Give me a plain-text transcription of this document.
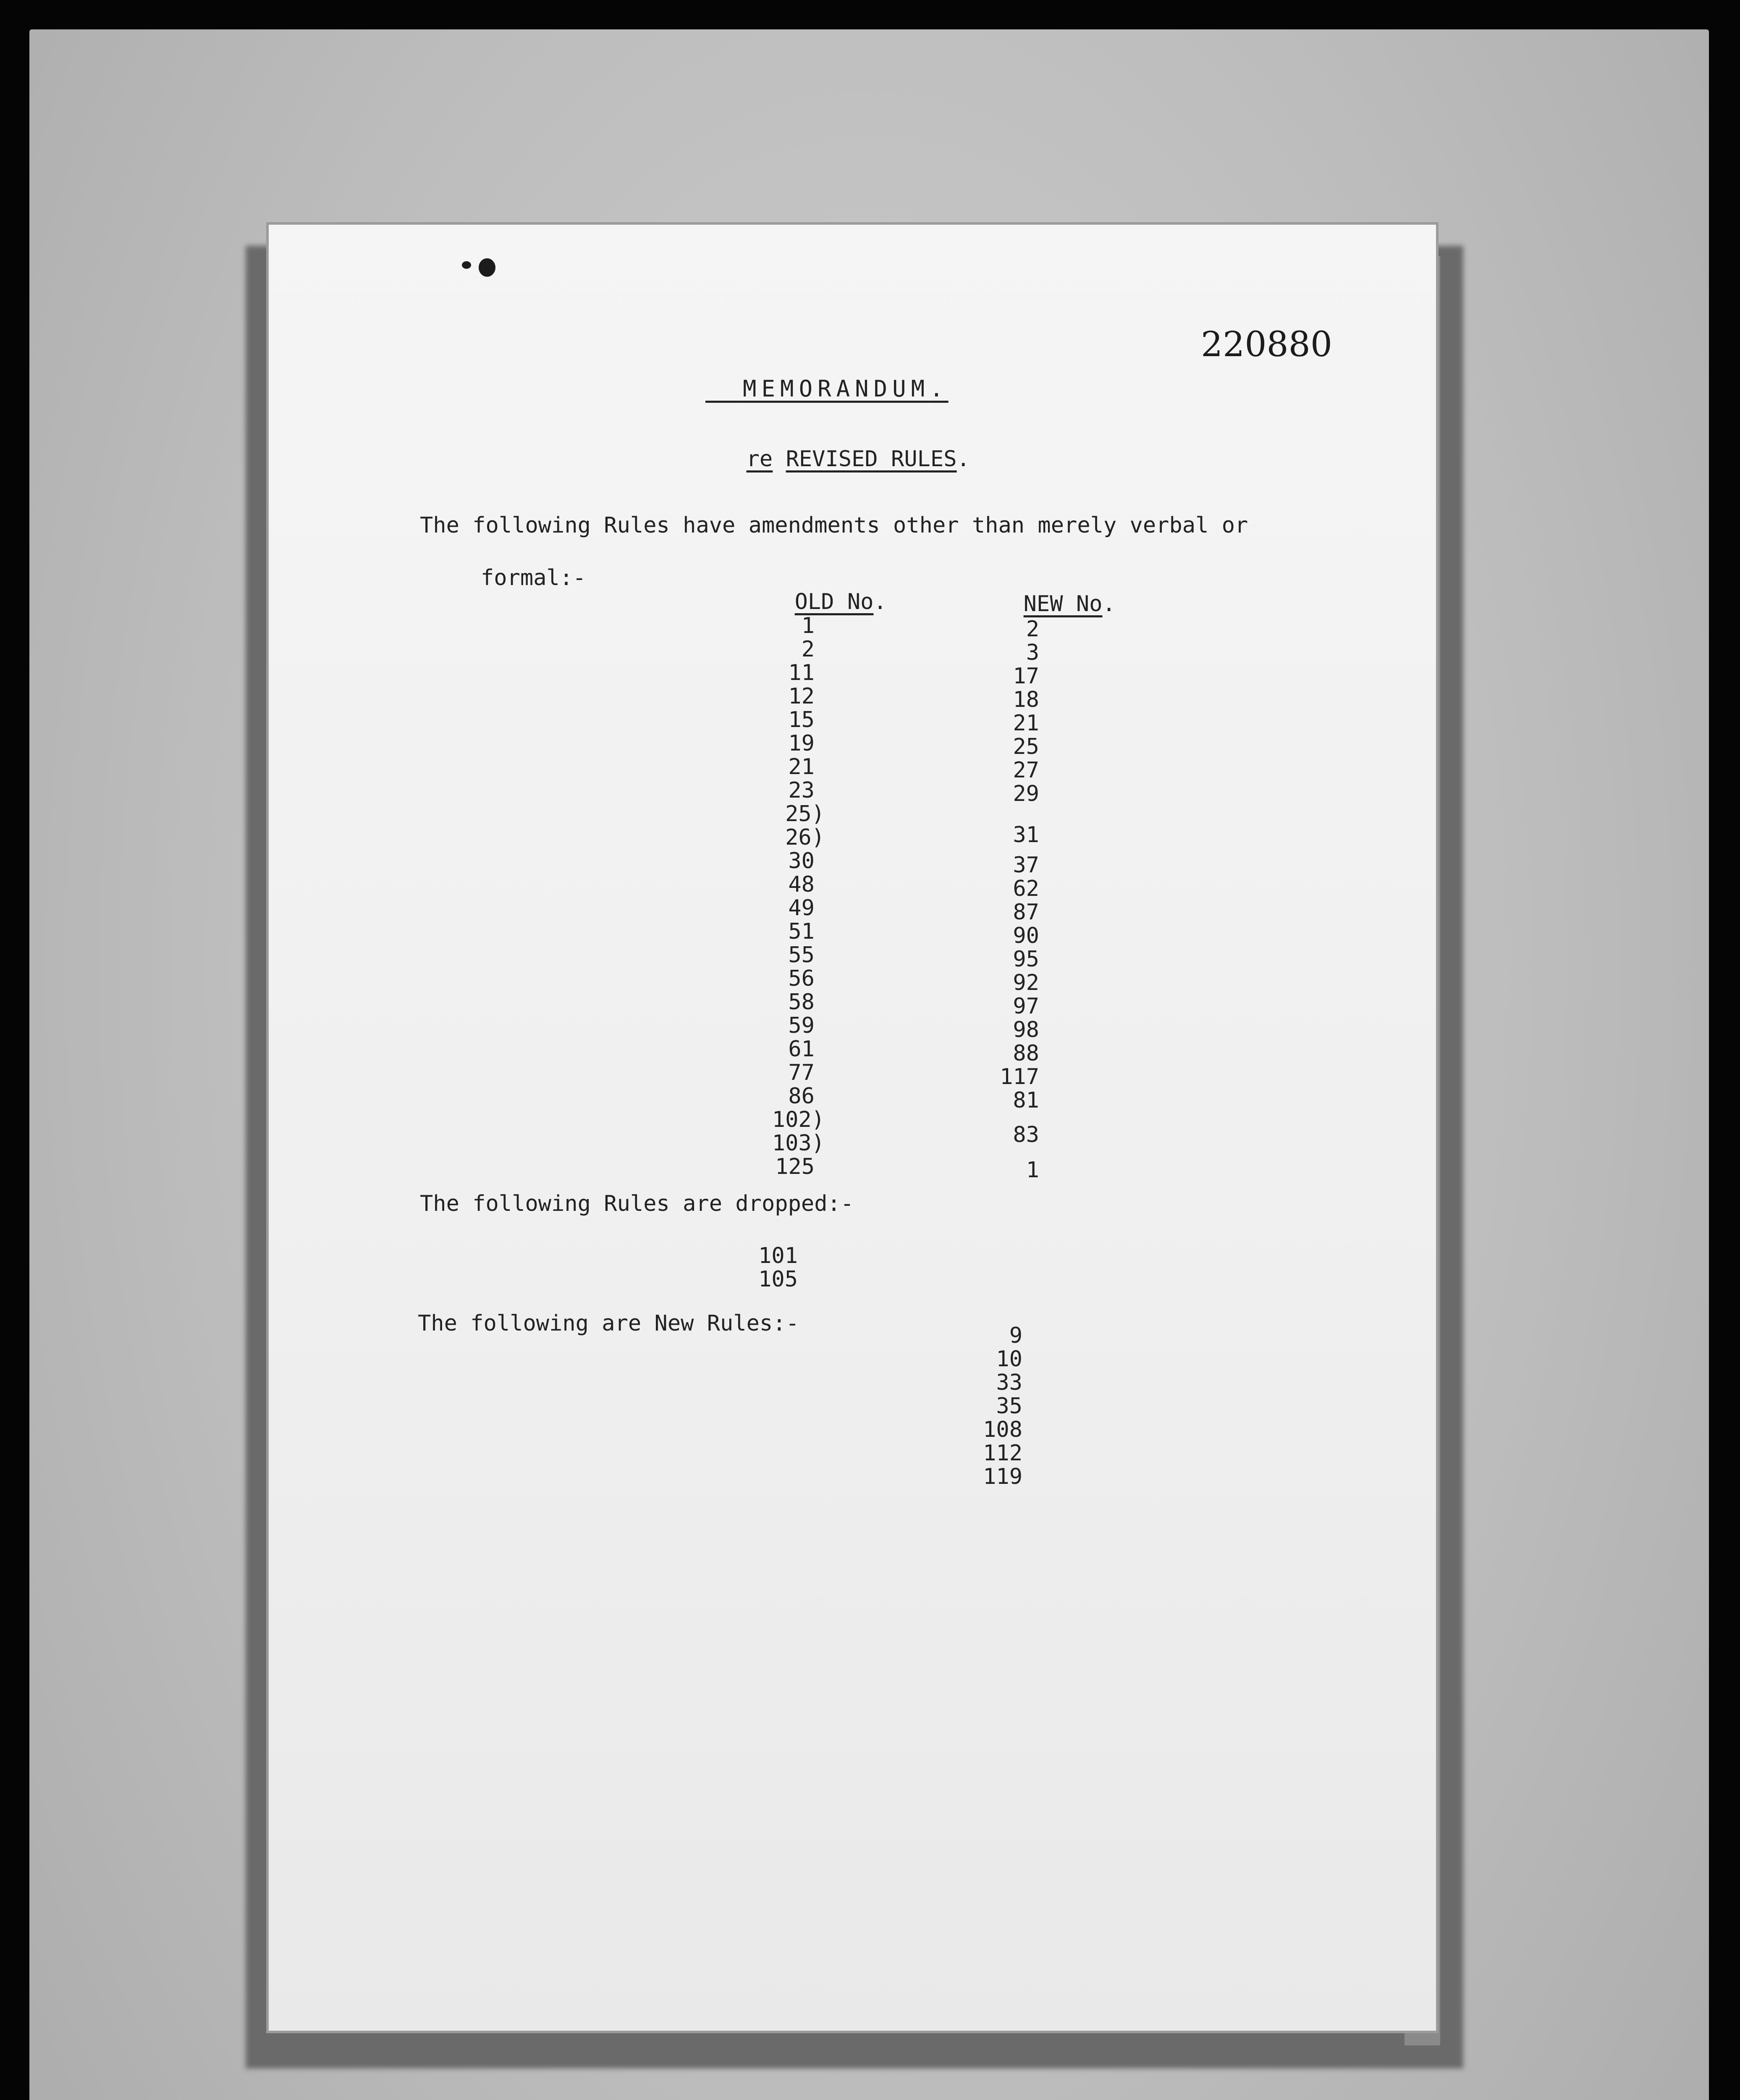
220880

MEMORANDUM.

re REVISED RULES.

The following Rules have amendments other than merely verbal or
formal:-

OLD No.	NEW No.

1
2
11
12
15
19
21
23
25)
26)
30
48
49
51
55
56
58
59
61
77
86
102)
103)
125
2
3
17
18
21
25
27
29
31
37
62
87
90
95
92
97
98
88
117
81
83
1
The following Rules are dropped:-
101
105
The following are New Rules:-	9
10
33
35
108
112
119
